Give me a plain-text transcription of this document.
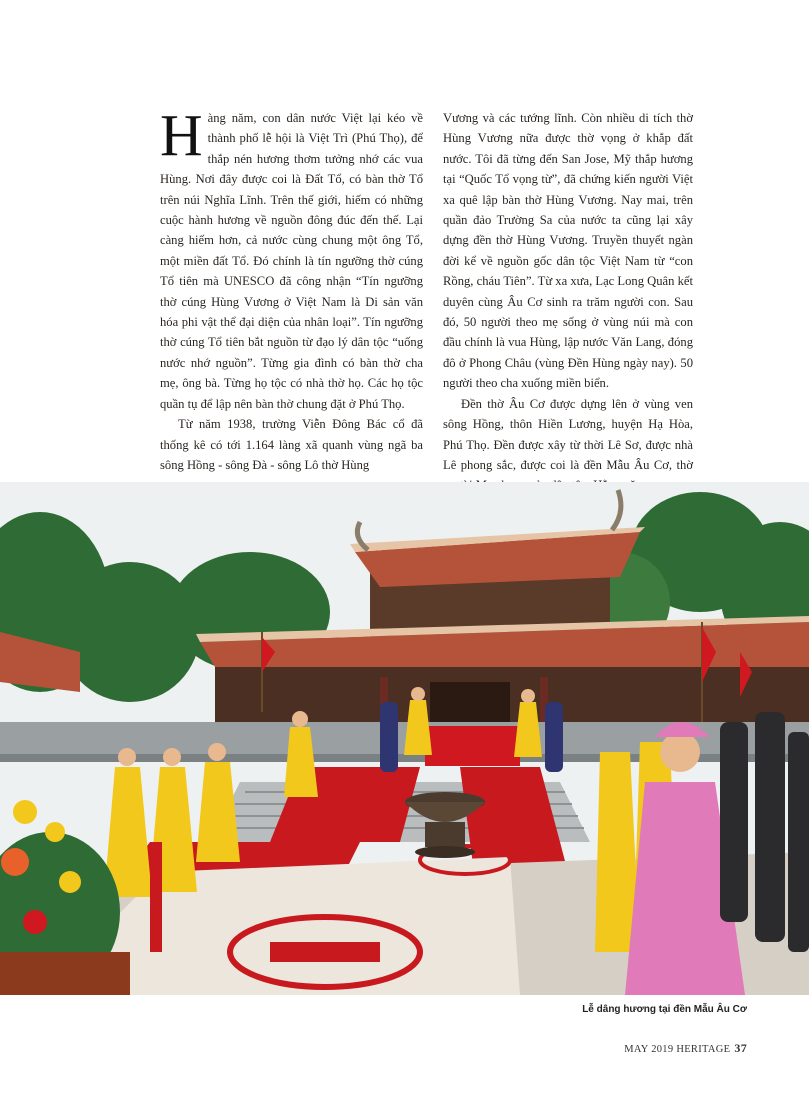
Hàng năm, con dân nước Việt lại kéo về thành phố lễ hội là Việt Trì (Phú Thọ), để thắp nén hương thơm tưởng nhớ các vua Hùng. Nơi đây được coi là Đất Tổ, có bàn thờ Tổ trên núi Nghĩa Lĩnh. Trên thế giới, hiếm có những cuộc hành hương về nguồn đông đúc đến thế. Lại càng hiếm hơn, cả nước cùng chung một ông Tổ, một miền đất Tổ. Đó chính là tín ngưỡng thờ cúng Tổ tiên mà UNESCO đã công nhận “Tín ngưỡng thờ cúng Hùng Vương ở Việt Nam là Di sản văn hóa phi vật thể đại diện của nhân loại”. Tín ngưỡng thờ cúng Tổ tiên bắt nguồn từ đạo lý dân tộc “uống nước nhớ nguồn”. Từng gia đình có bàn thờ cha mẹ, ông bà. Từng họ tộc có nhà thờ họ. Các họ tộc quần tụ để lập nên bàn thờ chung đặt ở Phú Thọ.

Từ năm 1938, trường Viễn Đông Bác cổ đã thống kê có tới 1.164 làng xã quanh vùng ngã ba sông Hồng - sông Đà - sông Lô thờ Hùng

Vương và các tướng lĩnh. Còn nhiều di tích thờ Hùng Vương nữa được thờ vọng ở khắp đất nước. Tôi đã từng đến San Jose, Mỹ thắp hương tại “Quốc Tổ vọng từ”, đã chứng kiến người Việt xa quê lập bàn thờ Hùng Vương. Nay mai, trên quần đảo Trường Sa của nước ta cũng lại xây dựng đền thờ Hùng Vương. Truyền thuyết ngàn đời kể về nguồn gốc dân tộc Việt Nam từ “con Rồng, cháu Tiên”. Từ xa xưa, Lạc Long Quân kết duyên cùng Âu Cơ sinh ra trăm người con. Sau đó, 50 người theo mẹ sống ở vùng núi mà con đầu chính là vua Hùng, lập nước Văn Lang, đóng đô ở Phong Châu (vùng Đền Hùng ngày nay). 50 người theo cha xuống miền biển.

Đền thờ Âu Cơ được dựng lên ở vùng ven sông Hồng, thôn Hiền Lương, huyện Hạ Hòa, Phú Thọ. Đền được xây từ thời Lê Sơ, được nhà Lê phong sắc, được coi là đền Mẫu Âu Cơ, thờ

Lễ dâng hương tại đền Mẫu Âu Cơ
MAY 2019 HERITAGE 37
